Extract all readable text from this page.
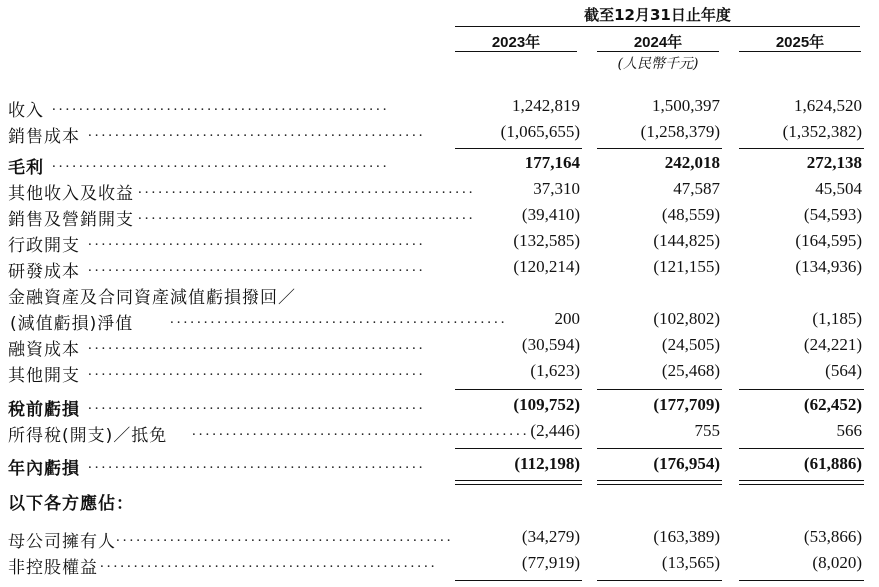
截至12月31日止年度
2023年	2024年	2025年
(人民幣千元)
收入 ..................................................	1,242,819	1,500,397	1,624,520
銷售成本 ..................................................	(1,065,655)	(1,258,379)	(1,352,382)
毛利 ..................................................	177,164	242,018	272,138
其他收入及收益 ..................................................	37,310	47,587	45,504
銷售及營銷開支 ..................................................	(39,410)	(48,559)	(54,593)
行政開支 ..................................................	(132,585)	(144,825)	(164,595)
研發成本 ..................................................	(120,214)	(121,155)	(134,936)
金融資產及合同資產減值虧損撥回／
(減值虧損)淨值 ..................................................	200	(102,802)	(1,185)
融資成本 ..................................................	(30,594)	(24,505)	(24,221)
其他開支 ..................................................	(1,623)	(25,468)	(564)
稅前虧損 ..................................................	(109,752)	(177,709)	(62,452)
所得稅(開支)／抵免 .................................................. (2,446)	755	566
年內虧損 ..................................................	(112,198)	(176,954)	(61,886)
以下各方應佔：
母公司擁有人 ..................................................	(34,279)	(163,389)	(53,866)
非控股權益 ..................................................	(77,919)	(13,565)	(8,020)
